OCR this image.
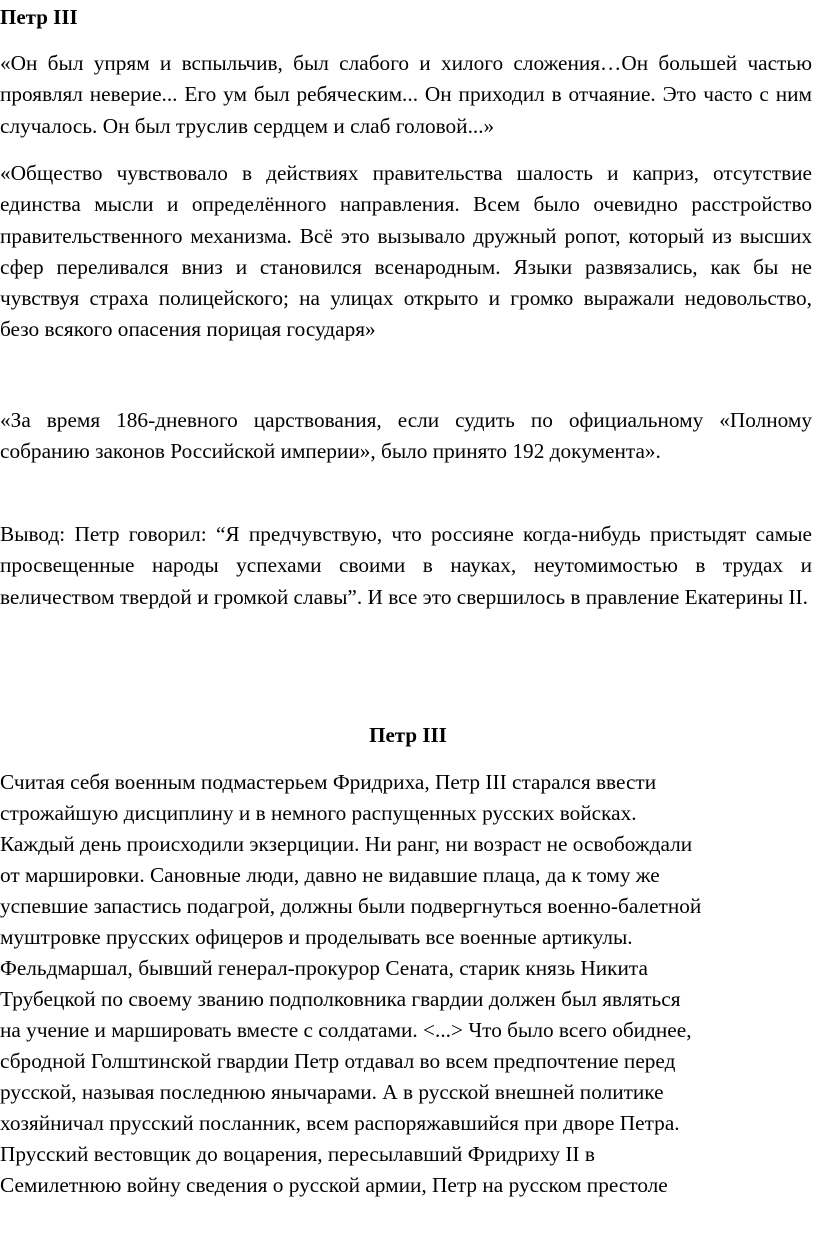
Петр III

«Он был упрям и вспыльчив, был слабого и хилого сложения…Он большей частью проявлял неверие... Его ум был ребяческим... Он приходил в отчаяние. Это часто с ним случалось. Он был труслив сердцем и слаб головой...»

«Общество чувствовало в действиях правительства шалость и каприз, отсутствие единства мысли и определённого направления. Всем было очевидно расстройство правительственного механизма. Всё это вызывало дружный ропот, который из высших сфер переливался вниз и становился всенародным. Языки развязались, как бы не чувствуя страха полицейского; на улицах открыто и громко выражали недовольство, безо всякого опасения порицая государя»

«За время 186-дневного царствования, если судить по официальному «Полному собранию законов Российской империи», было принято 192 документа».

Вывод: Петр говорил: “Я предчувствую, что россияне когда-нибудь пристыдят самые просвещенные народы успехами своими в науках, неутомимостью в трудах и величеством твердой и громкой славы”. И все это свершилось в правление Екатерины II.

Петр III
Считая себя военным подмастерьем Фридриха, Петр III старался ввести
строжайшую дисциплину и в немного распущенных русских войсках.
Каждый день происходили экзерциции. Ни ранг, ни возраст не освобождали
от маршировки. Сановные люди, давно не видавшие плаца, да к тому же
успевшие запастись подагрой, должны были подвергнуться военно-балетной
муштровке прусских офицеров и проделывать все военные артикулы.
Фельдмаршал, бывший генерал-прокурор Сената, старик князь Никита
Трубецкой по своему званию подполковника гвардии должен был являться
на учение и маршировать вместе с солдатами. <...> Что было всего обиднее,
сбродной Голштинской гвардии Петр отдавал во всем предпочтение перед
русской, называя последнюю янычарами. А в русской внешней политике
хозяйничал прусский посланник, всем распоряжавшийся при дворе Петра.
Прусский вестовщик до воцарения, пересылавший Фридриху II в
Семилетнюю войну сведения о русской армии, Петр на русском престоле
